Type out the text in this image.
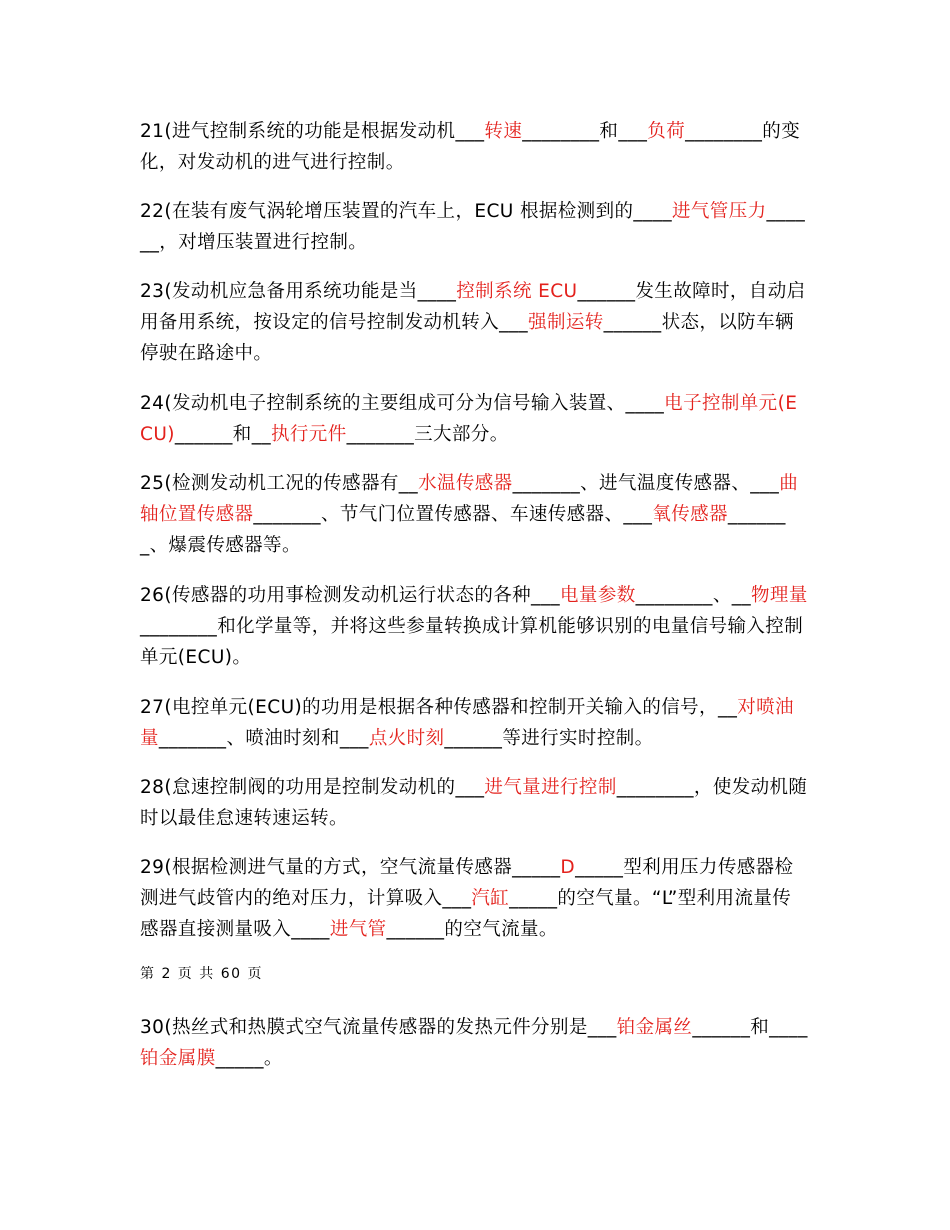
21(进气控制系统的功能是根据发动机___转速________和___负荷________的变化，对发动机的进气进行控制。

22(在装有废气涡轮增压装置的汽车上，ECU 根据检测到的____进气管压力______，对增压装置进行控制。

23(发动机应急备用系统功能是当____控制系统 ECU______发生故障时，自动启用备用系统，按设定的信号控制发动机转入___强制运转______状态，以防车辆停驶在路途中。

24(发动机电子控制系统的主要组成可分为信号输入装置、____电子控制单元(ECU)______和__执行元件_______三大部分。

25(检测发动机工况的传感器有__水温传感器_______、进气温度传感器、___曲轴位置传感器_______、节气门位置传感器、车速传感器、___氧传感器_______、爆震传感器等。

26(传感器的功用事检测发动机运行状态的各种___电量参数________、__物理量________和化学量等，并将这些参量转换成计算机能够识别的电量信号输入控制单元(ECU)。

27(电控单元(ECU)的功用是根据各种传感器和控制开关输入的信号，__对喷油量_______、喷油时刻和___点火时刻______等进行实时控制。

28(怠速控制阀的功用是控制发动机的___进气量进行控制________，使发动机随时以最佳怠速转速运转。

29(根据检测进气量的方式，空气流量传感器_____D_____型利用压力传感器检测进气歧管内的绝对压力，计算吸入___汽缸_____的空气量。“L”型利用流量传感器直接测量吸入____进气管______的空气流量。

第 2 页 共 60 页

30(热丝式和热膜式空气流量传感器的发热元件分别是___铂金属丝______和____铂金属膜_____。
